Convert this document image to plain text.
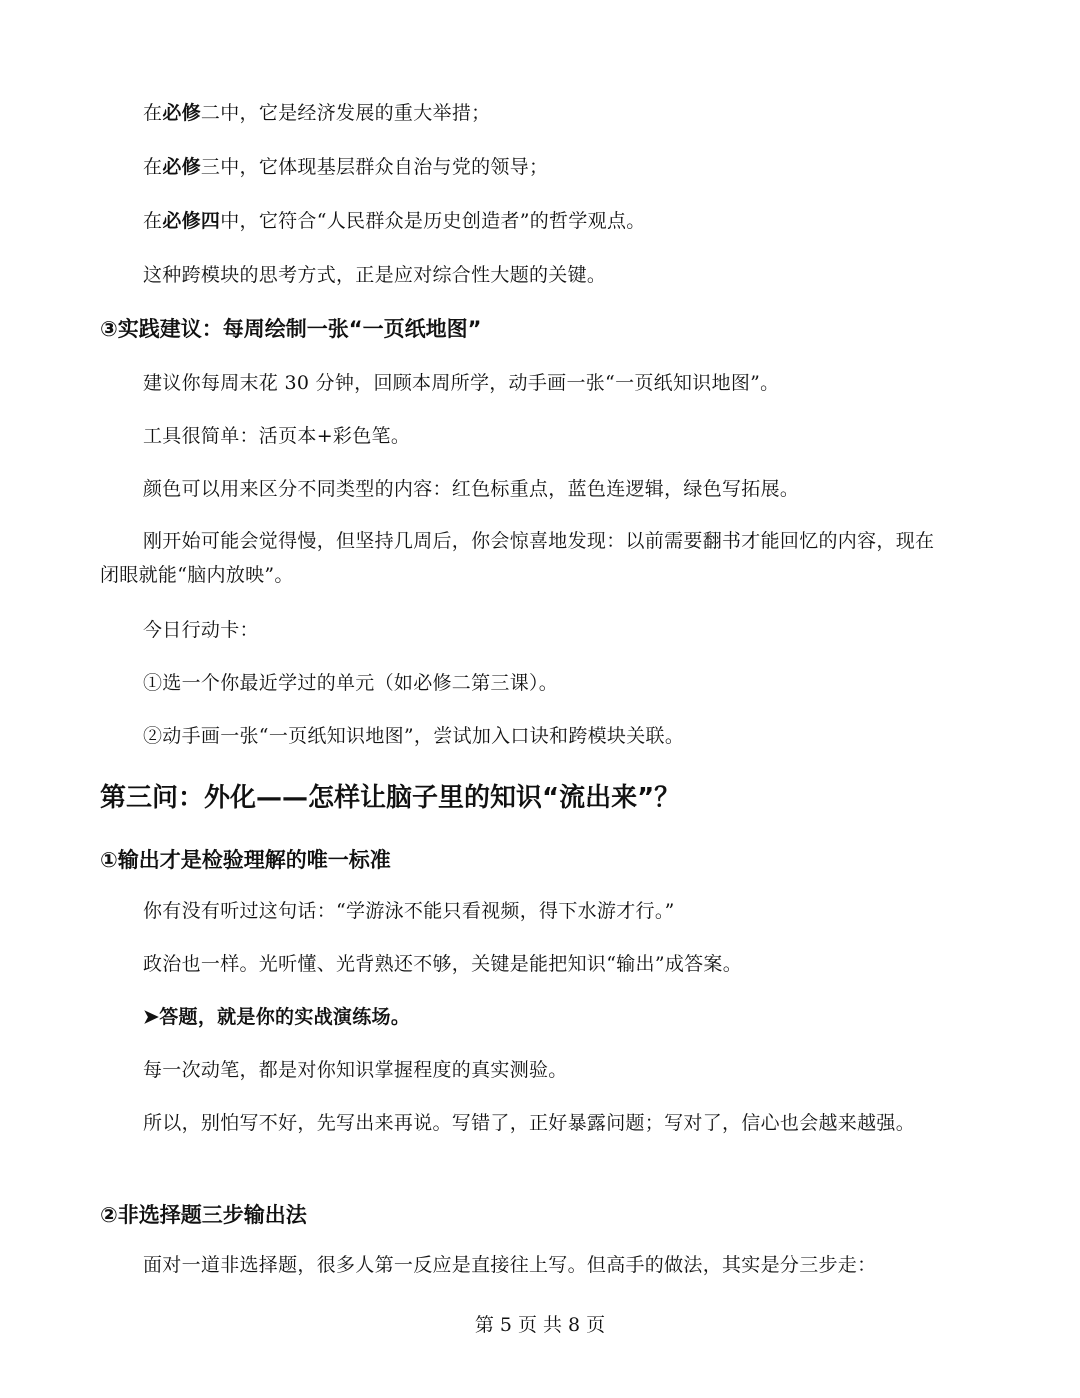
在必修二中，它是经济发展的重大举措；

在必修三中，它体现基层群众自治与党的领导；

在必修四中，它符合“人民群众是历史创造者”的哲学观点。

这种跨模块的思考方式，正是应对综合性大题的关键。

③实践建议：每周绘制一张“一页纸地图”

建议你每周末花 30 分钟，回顾本周所学，动手画一张“一页纸知识地图”。

工具很简单：活页本+彩色笔。

颜色可以用来区分不同类型的内容：红色标重点，蓝色连逻辑，绿色写拓展。

刚开始可能会觉得慢，但坚持几周后，你会惊喜地发现：以前需要翻书才能回忆的内容，现在闭眼就能“脑内放映”。

今日行动卡：

①选一个你最近学过的单元（如必修二第三课）。

②动手画一张“一页纸知识地图”，尝试加入口诀和跨模块关联。

第三问：外化——怎样让脑子里的知识“流出来”？
①输出才是检验理解的唯一标准

你有没有听过这句话：“学游泳不能只看视频，得下水游才行。”

政治也一样。光听懂、光背熟还不够，关键是能把知识“输出”成答案。

➤答题，就是你的实战演练场。

每一次动笔，都是对你知识掌握程度的真实测验。

所以，别怕写不好，先写出来再说。写错了，正好暴露问题；写对了，信心也会越来越强。

②非选择题三步输出法

面对一道非选择题，很多人第一反应是直接往上写。但高手的做法，其实是分三步走：

第 5 页 共 8 页
